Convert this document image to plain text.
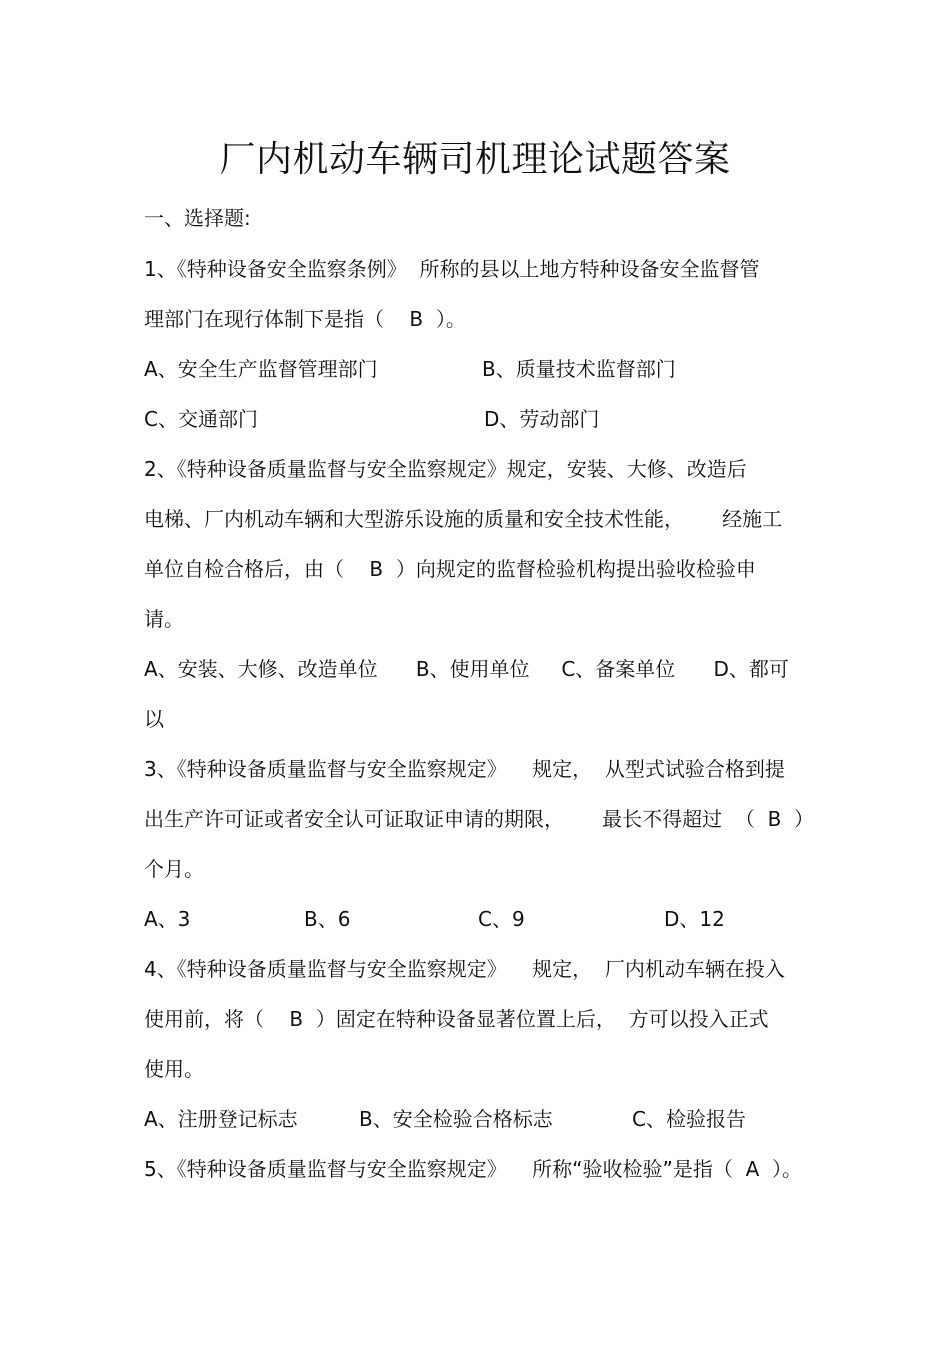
厂内机动车辆司机理论试题答案

一、选择题:

1、《特种设备安全监察条例》  所称的县以上地方特种设备安全监督管

理部门在现行体制下是指（    B  ）。

A、安全生产监督管理部门	B、质量技术监督部门
C、交通部门	D、劳动部门

2、《特种设备质量监督与安全监察规定》规定，安装、大修、改造后

电梯、厂内机动车辆和大型游乐设施的质量和安全技术性能，      经施工

单位自检合格后，由（    B  ）向规定的监督检验机构提出验收检验申

请。

A、安装、大修、改造单位      B、使用单位     C、备案单位      D、都可

以

3、《特种设备质量监督与安全监察规定》    规定，  从型式试验合格到提

出生产许可证或者安全认可证取证申请的期限，      最长不得超过  （  B  ）

个月。

A、3	B、6	C、9	D、12

4、《特种设备质量监督与安全监察规定》    规定，  厂内机动车辆在投入

使用前，将（    B  ）固定在特种设备显著位置上后，  方可以投入正式

使用。

A、注册登记标志	B、安全检验合格标志	C、检验报告

5、《特种设备质量监督与安全监察规定》    所称“验收检验”是指（  A  ）。
